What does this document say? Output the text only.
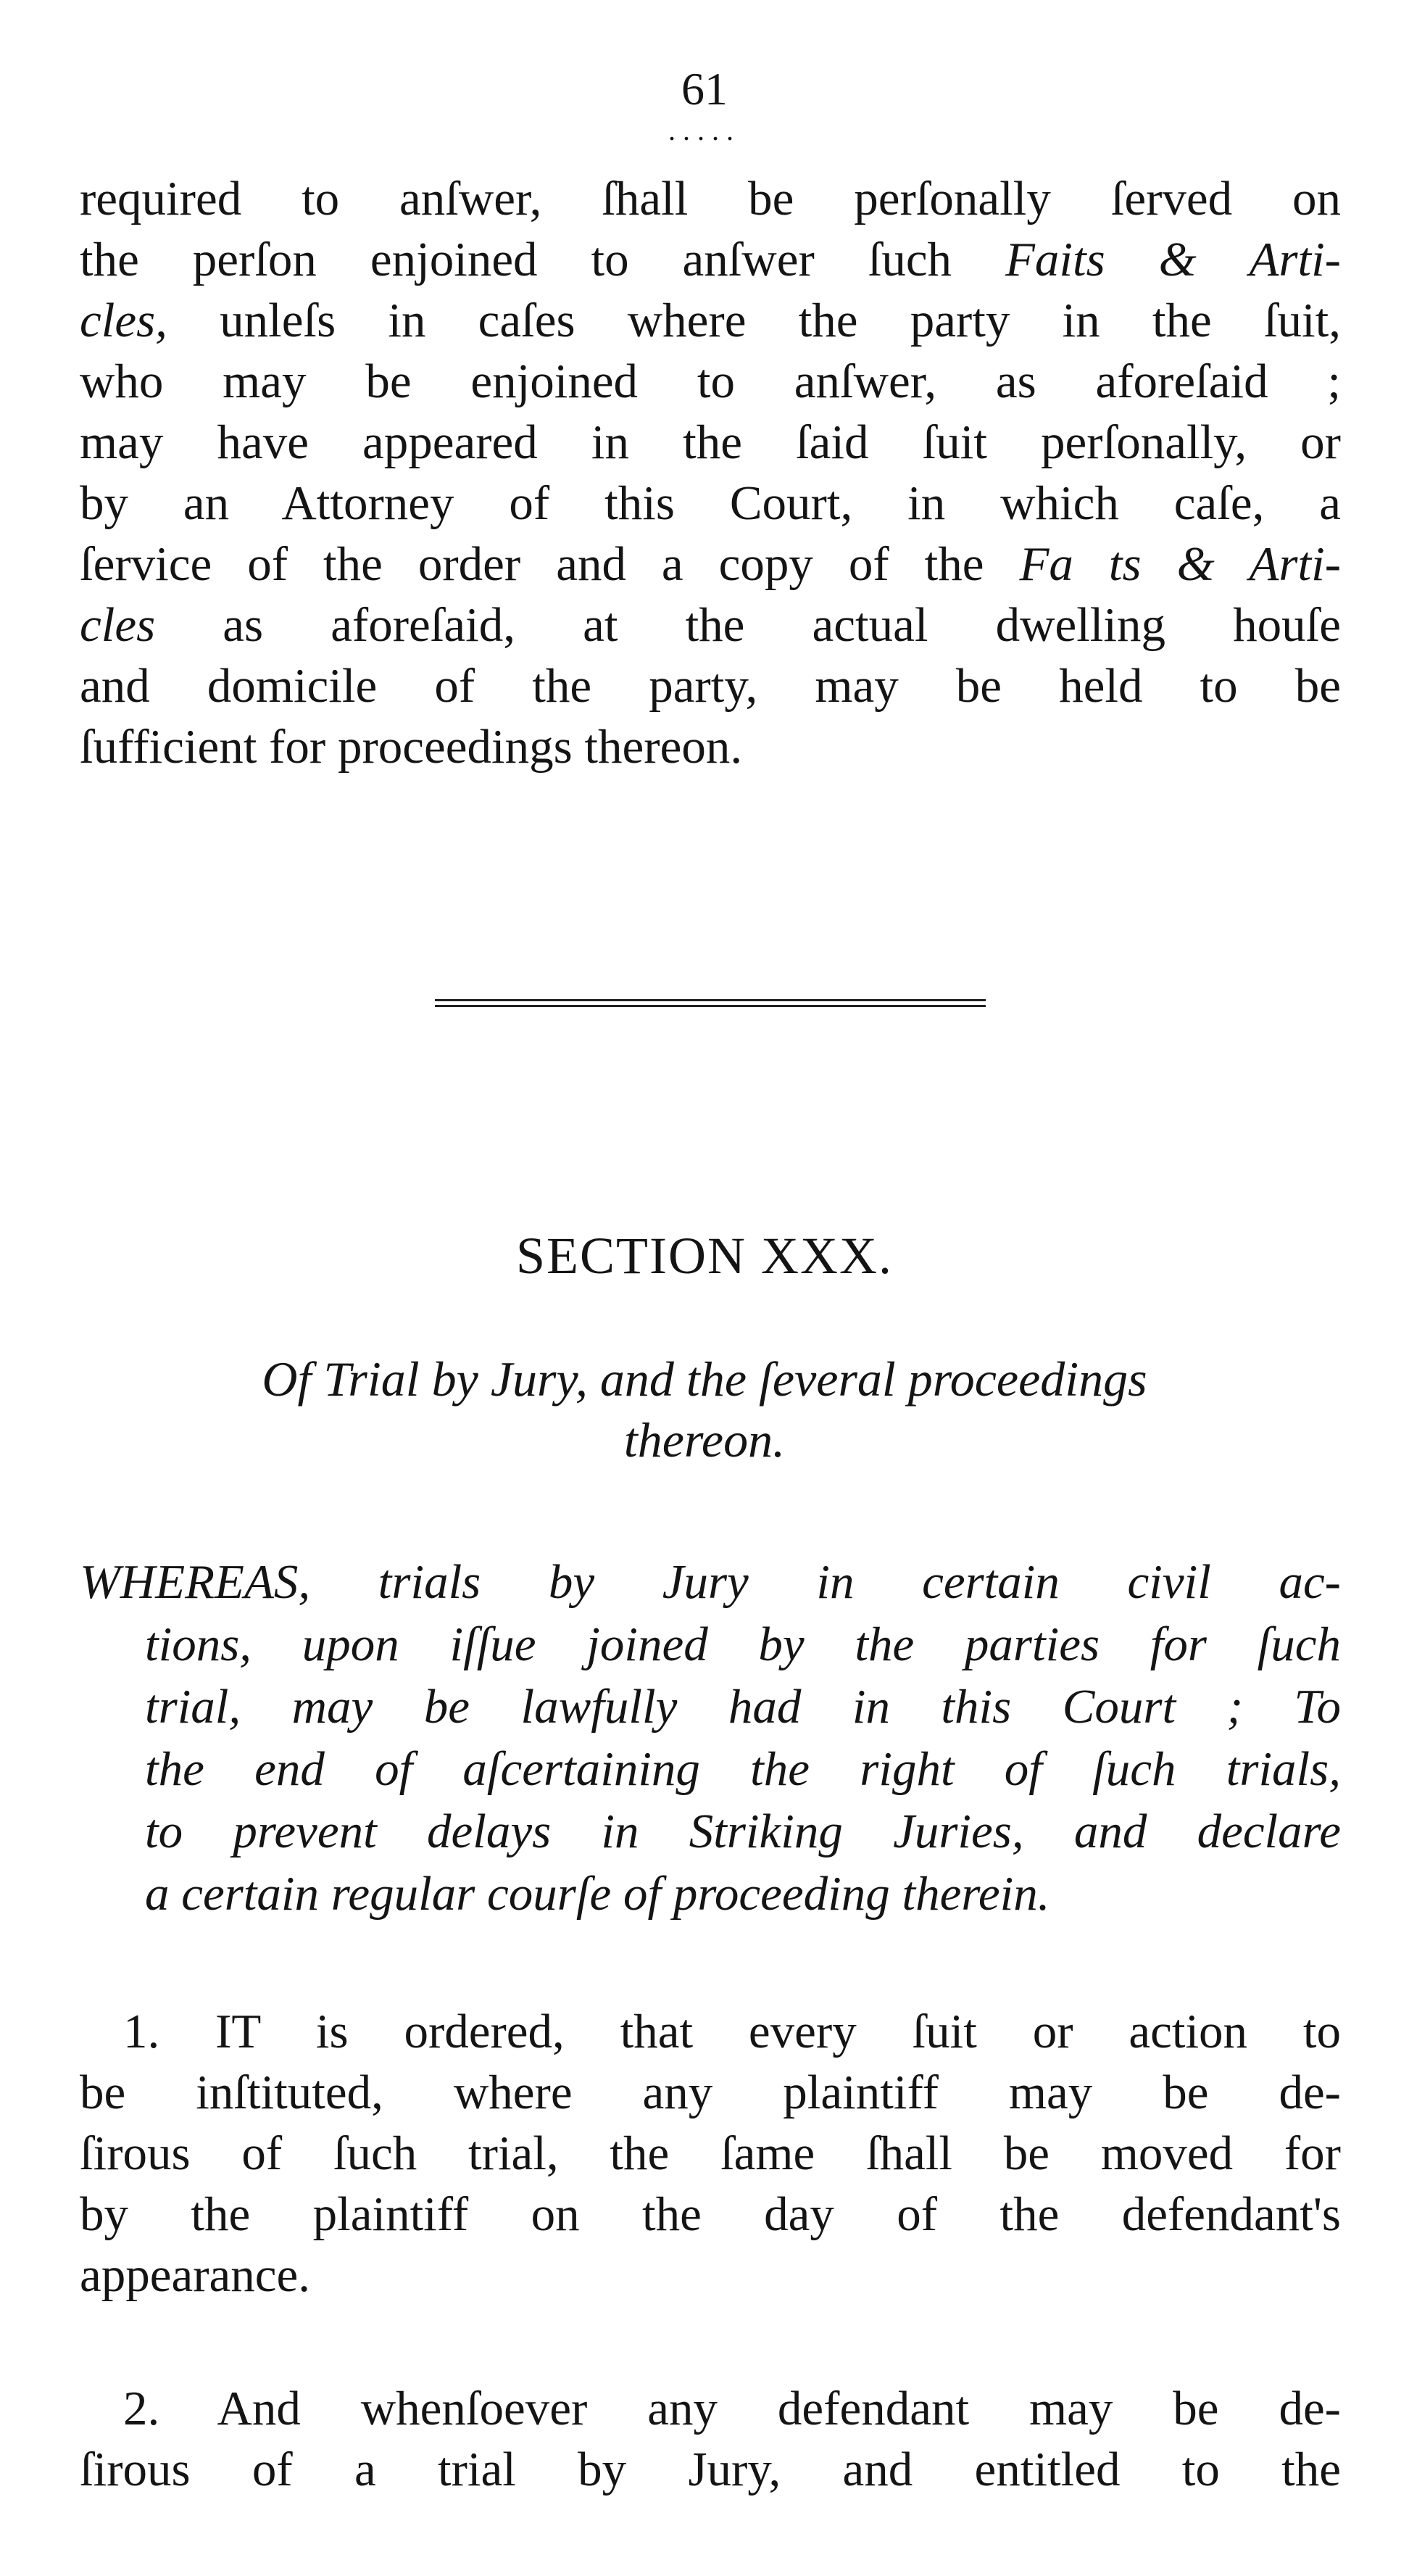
61
.....
required to anſwer, ſhall be perſonally ſerved on
the perſon enjoined to anſwer ſuch Faits & Arti-
cles, unleſs in caſes where the party in the ſuit,
who may be enjoined to anſwer, as aforeſaid ;
may have appeared in the ſaid ſuit perſonally, or
by an Attorney of this Court, in which caſe, a
ſervice of the order and a copy of the Fa ts & Arti-
cles as aforeſaid, at the actual dwelling houſe
and domicile of the party, may be held to be
ſufficient for proceedings thereon.
SECTION XXX.
Of Trial by Jury, and the ſeveral proceedings
thereon.
WHEREAS, trials by Jury in certain civil ac-
tions, upon iſſue joined by the parties for ſuch
trial, may be lawfully had in this Court ; To
the end of aſcertaining the right of ſuch trials,
to prevent delays in Striking Juries, and declare
a certain regular courſe of proceeding therein.
1. IT is ordered, that every ſuit or action to
be inſtituted, where any plaintiff may be de-
ſirous of ſuch trial, the ſame ſhall be moved for
by the plaintiff on the day of the defendant's
appearance.
2. And whenſoever any defendant may be de-
ſirous of a trial by Jury, and entitled to the
